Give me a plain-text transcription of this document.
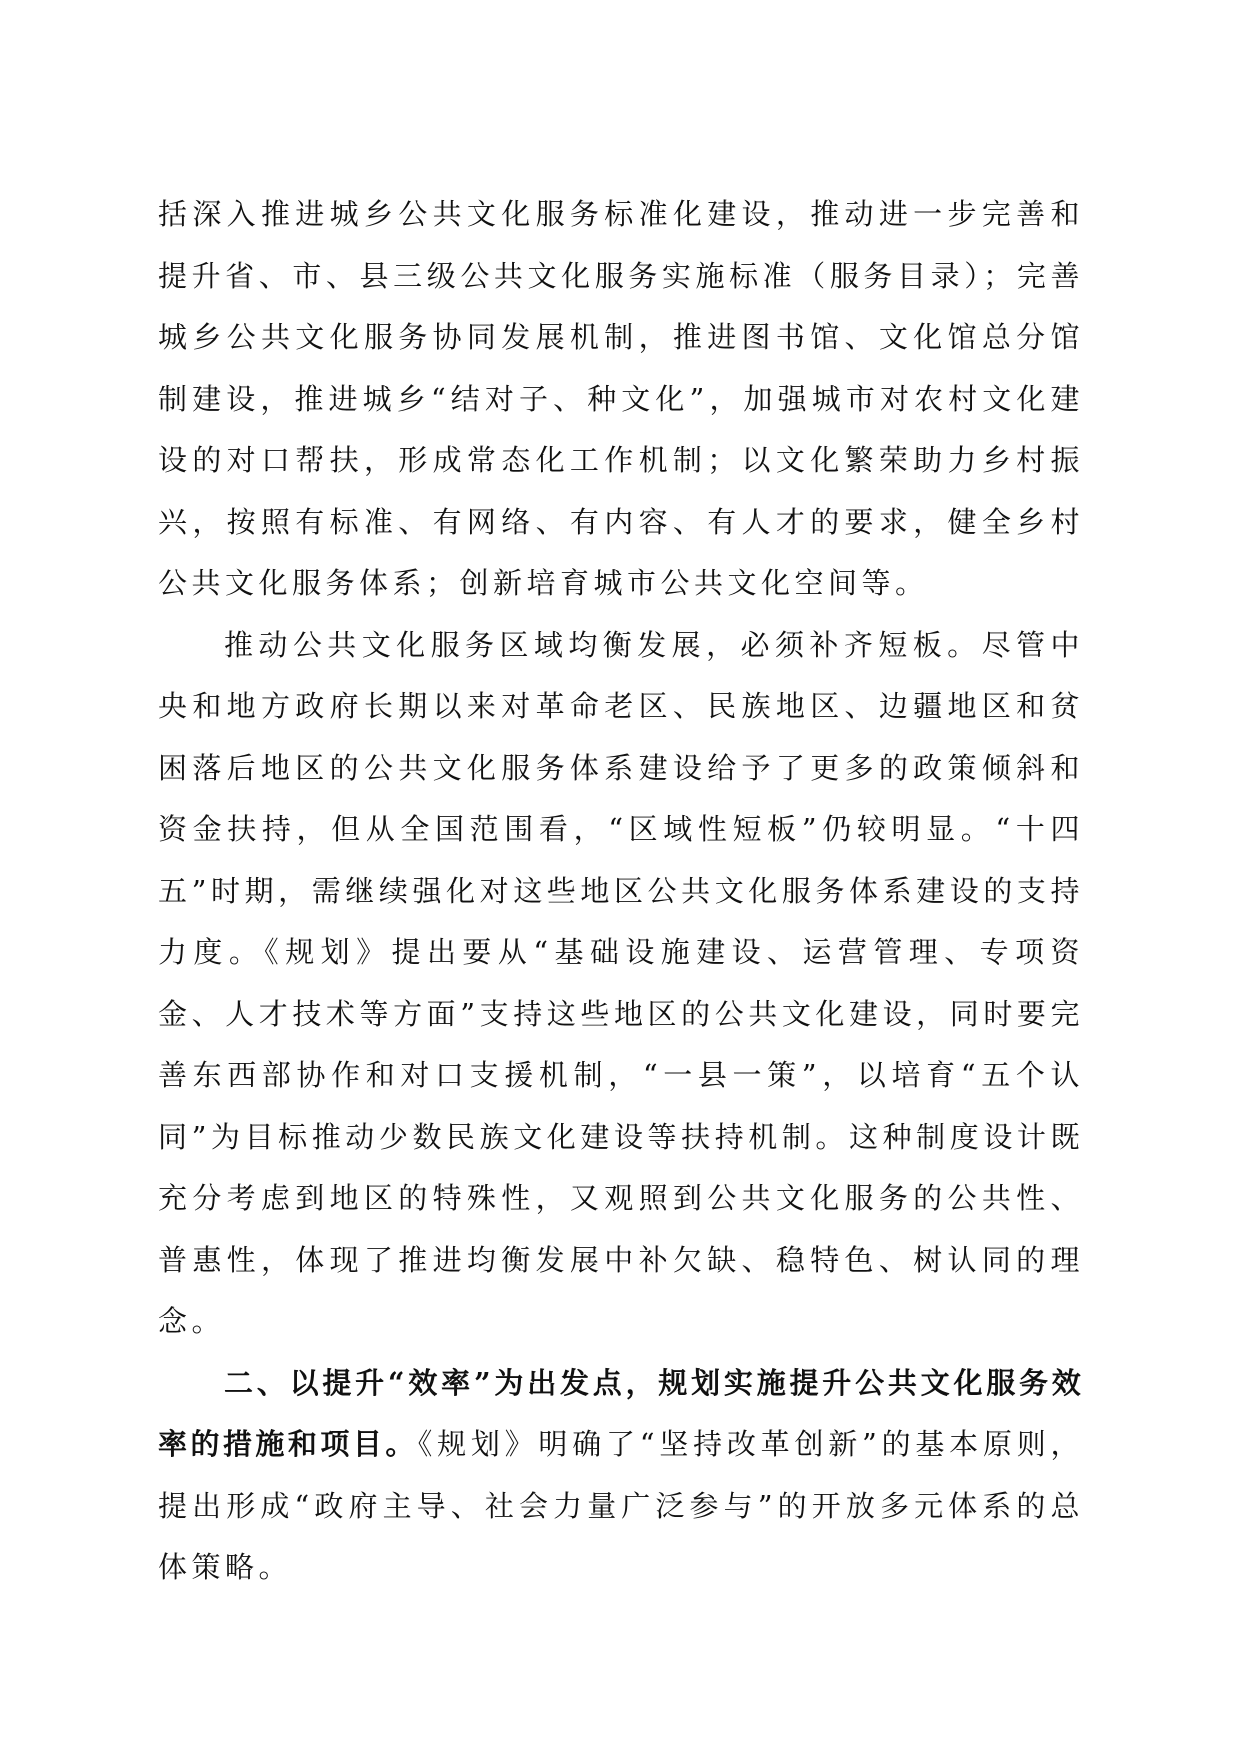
括深入推进城乡公共文化服务标准化建设，推动进一步完善和提升省、市、县三级公共文化服务实施标准（服务目录）；完善城乡公共文化服务协同发展机制，推进图书馆、文化馆总分馆制建设，推进城乡“结对子、种文化”，加强城市对农村文化建设的对口帮扶，形成常态化工作机制；以文化繁荣助力乡村振兴，按照有标准、有网络、有内容、有人才的要求，健全乡村公共文化服务体系；创新培育城市公共文化空间等。

推动公共文化服务区域均衡发展，必须补齐短板。尽管中央和地方政府长期以来对革命老区、民族地区、边疆地区和贫困落后地区的公共文化服务体系建设给予了更多的政策倾斜和资金扶持，但从全国范围看，“区域性短板”仍较明显。“十四五”时期，需继续强化对这些地区公共文化服务体系建设的支持力度。《规划》提出要从“基础设施建设、运营管理、专项资金、人才技术等方面”支持这些地区的公共文化建设，同时要完善东西部协作和对口支援机制，“一县一策”，以培育“五个认同”为目标推动少数民族文化建设等扶持机制。这种制度设计既充分考虑到地区的特殊性，又观照到公共文化服务的公共性、普惠性，体现了推进均衡发展中补欠缺、稳特色、树认同的理念。

二、以提升“效率”为出发点，规划实施提升公共文化服务效率的措施和项目。《规划》明确了“坚持改革创新”的基本原则，提出形成“政府主导、社会力量广泛参与”的开放多元体系的总体策略。
